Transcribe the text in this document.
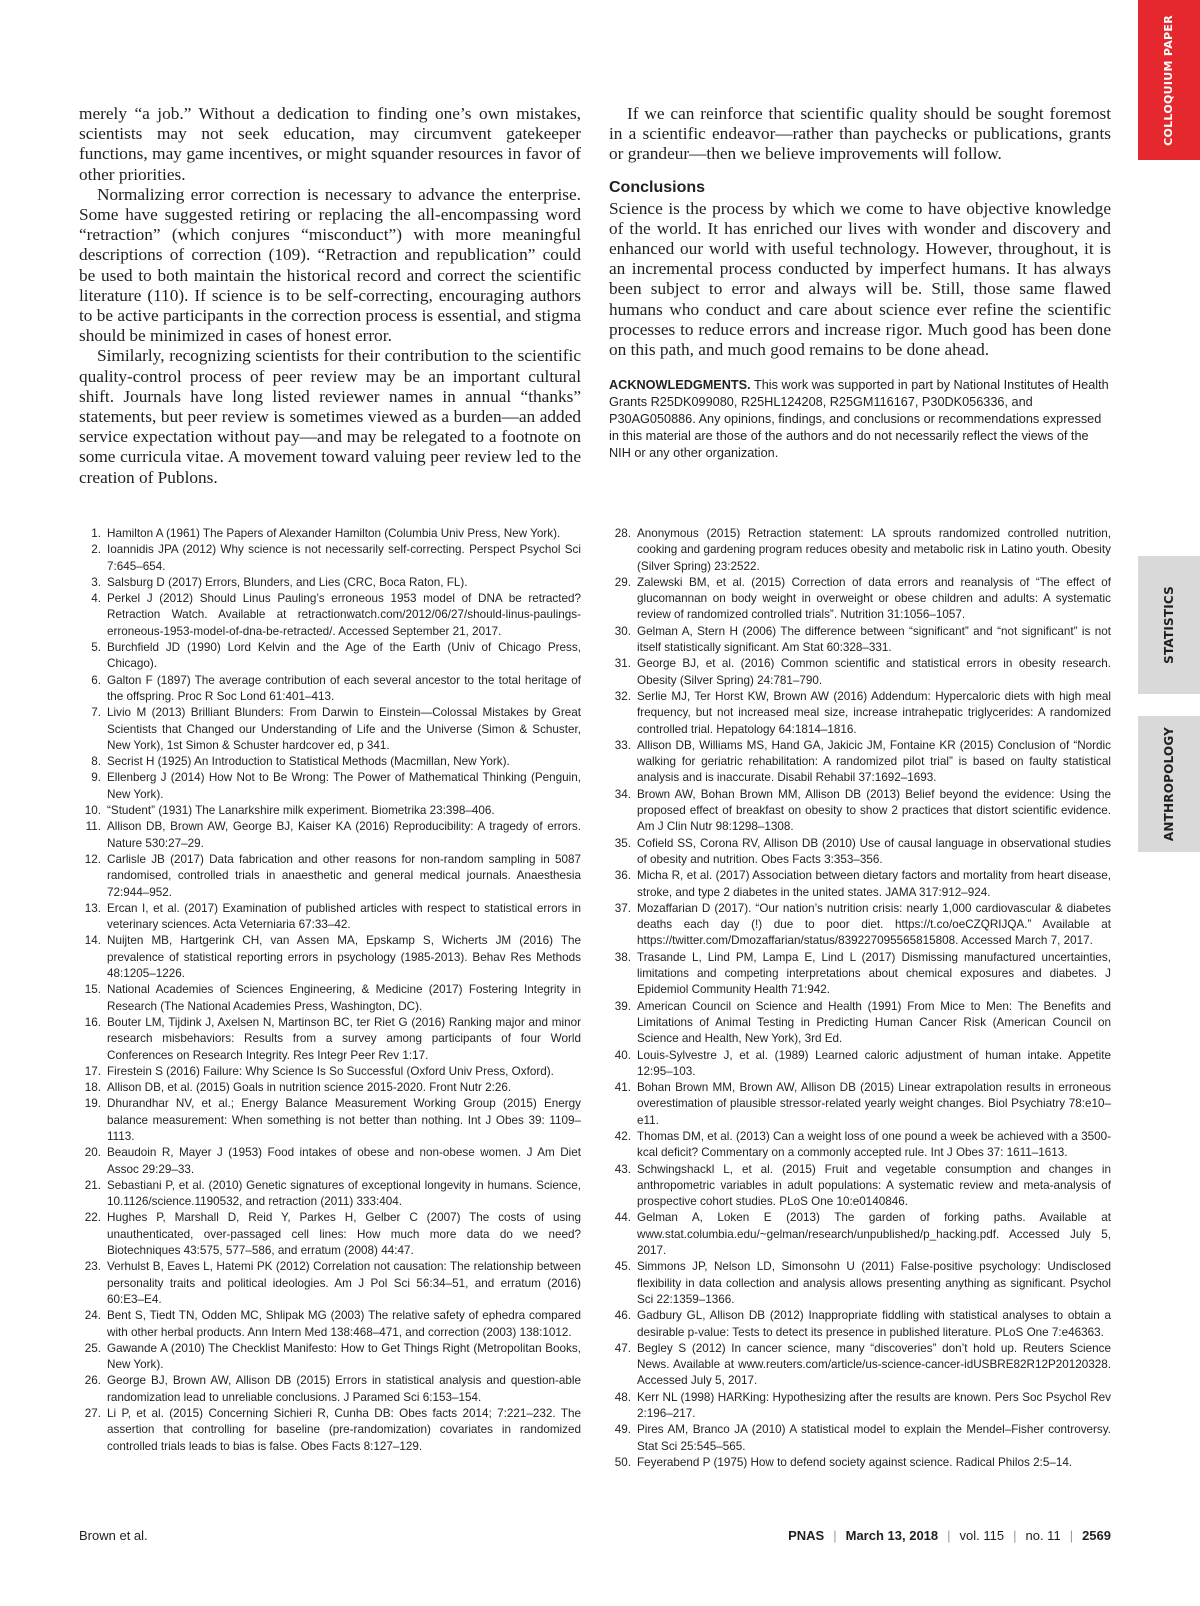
COLLOQUIUM PAPER
STATISTICS
ANTHROPOLOGY

merely “a job.” Without a dedication to finding one’s own mistakes, scientists may not seek education, may circumvent gatekeeper functions, may game incentives, or might squander resources in favor of other priorities.

Normalizing error correction is necessary to advance the enterprise. Some have suggested retiring or replacing the all-encompassing word “retraction” (which conjures “misconduct”) with more meaningful descriptions of correction (109). “Retraction and republication” could be used to both maintain the historical record and correct the scientific literature (110). If science is to be self-correcting, encouraging authors to be active participants in the correction process is essential, and stigma should be minimized in cases of honest error.

Similarly, recognizing scientists for their contribution to the scientific quality-control process of peer review may be an important cultural shift. Journals have long listed reviewer names in annual “thanks” statements, but peer review is sometimes viewed as a burden—an added service expectation without pay—and may be relegated to a footnote on some curricula vitae. A movement toward valuing peer review led to the creation of Publons.

If we can reinforce that scientific quality should be sought foremost in a scientific endeavor—rather than paychecks or publications, grants or grandeur—then we believe improvements will follow.

Conclusions

Science is the process by which we come to have objective knowledge of the world. It has enriched our lives with wonder and discovery and enhanced our world with useful technology. However, throughout, it is an incremental process conducted by imperfect humans. It has always been subject to error and always will be. Still, those same flawed humans who conduct and care about science ever refine the scientific processes to reduce errors and increase rigor. Much good has been done on this path, and much good remains to be done ahead.

ACKNOWLEDGMENTS. This work was supported in part by National Institutes of Health Grants R25DK099080, R25HL124208, R25GM116167, P30DK056336, and P30AG050886. Any opinions, findings, and conclusions or recommendations expressed in this material are those of the authors and do not necessarily reflect the views of the NIH or any other organization.

1. Hamilton A (1961) The Papers of Alexander Hamilton (Columbia Univ Press, New York).
2. Ioannidis JPA (2012) Why science is not necessarily self-correcting. Perspect Psychol Sci 7:645–654.
3. Salsburg D (2017) Errors, Blunders, and Lies (CRC, Boca Raton, FL).
4. Perkel J (2012) Should Linus Pauling’s erroneous 1953 model of DNA be retracted? Retraction Watch. Available at retractionwatch.com/2012/06/27/should-linus-paulings-erroneous-1953-model-of-dna-be-retracted/. Accessed September 21, 2017.
5. Burchfield JD (1990) Lord Kelvin and the Age of the Earth (Univ of Chicago Press, Chicago).
6. Galton F (1897) The average contribution of each several ancestor to the total heritage of the offspring. Proc R Soc Lond 61:401–413.
7. Livio M (2013) Brilliant Blunders: From Darwin to Einstein—Colossal Mistakes by Great Scientists that Changed our Understanding of Life and the Universe (Simon & Schuster, New York), 1st Simon & Schuster hardcover ed, p 341.
8. Secrist H (1925) An Introduction to Statistical Methods (Macmillan, New York).
9. Ellenberg J (2014) How Not to Be Wrong: The Power of Mathematical Thinking (Penguin, New York).
10. “Student” (1931) The Lanarkshire milk experiment. Biometrika 23:398–406.
11. Allison DB, Brown AW, George BJ, Kaiser KA (2016) Reproducibility: A tragedy of errors. Nature 530:27–29.
12. Carlisle JB (2017) Data fabrication and other reasons for non-random sampling in 5087 randomised, controlled trials in anaesthetic and general medical journals. Anaesthesia 72:944–952.
13. Ercan I, et al. (2017) Examination of published articles with respect to statistical errors in veterinary sciences. Acta Veterniaria 67:33–42.
14. Nuijten MB, Hartgerink CH, van Assen MA, Epskamp S, Wicherts JM (2016) The prevalence of statistical reporting errors in psychology (1985-2013). Behav Res Methods 48:1205–1226.
15. National Academies of Sciences Engineering, & Medicine (2017) Fostering Integrity in Research (The National Academies Press, Washington, DC).
16. Bouter LM, Tijdink J, Axelsen N, Martinson BC, ter Riet G (2016) Ranking major and minor research misbehaviors: Results from a survey among participants of four World Conferences on Research Integrity. Res Integr Peer Rev 1:17.
17. Firestein S (2016) Failure: Why Science Is So Successful (Oxford Univ Press, Oxford).
18. Allison DB, et al. (2015) Goals in nutrition science 2015-2020. Front Nutr 2:26.
19. Dhurandhar NV, et al.; Energy Balance Measurement Working Group (2015) Energy balance measurement: When something is not better than nothing. Int J Obes 39: 1109–1113.
20. Beaudoin R, Mayer J (1953) Food intakes of obese and non-obese women. J Am Diet Assoc 29:29–33.
21. Sebastiani P, et al. (2010) Genetic signatures of exceptional longevity in humans. Science, 10.1126/science.1190532, and retraction (2011) 333:404.
22. Hughes P, Marshall D, Reid Y, Parkes H, Gelber C (2007) The costs of using unauthenticated, over-passaged cell lines: How much more data do we need? Biotechniques 43:575, 577–586, and erratum (2008) 44:47.
23. Verhulst B, Eaves L, Hatemi PK (2012) Correlation not causation: The relationship between personality traits and political ideologies. Am J Pol Sci 56:34–51, and erratum (2016) 60:E3–E4.
24. Bent S, Tiedt TN, Odden MC, Shlipak MG (2003) The relative safety of ephedra compared with other herbal products. Ann Intern Med 138:468–471, and correction (2003) 138:1012.
25. Gawande A (2010) The Checklist Manifesto: How to Get Things Right (Metropolitan Books, New York).
26. George BJ, Brown AW, Allison DB (2015) Errors in statistical analysis and question-able randomization lead to unreliable conclusions. J Paramed Sci 6:153–154.
27. Li P, et al. (2015) Concerning Sichieri R, Cunha DB: Obes facts 2014; 7:221–232. The assertion that controlling for baseline (pre-randomization) covariates in randomized controlled trials leads to bias is false. Obes Facts 8:127–129.
28. Anonymous (2015) Retraction statement: LA sprouts randomized controlled nutrition, cooking and gardening program reduces obesity and metabolic risk in Latino youth. Obesity (Silver Spring) 23:2522.
29. Zalewski BM, et al. (2015) Correction of data errors and reanalysis of “The effect of glucomannan on body weight in overweight or obese children and adults: A systematic review of randomized controlled trials”. Nutrition 31:1056–1057.
30. Gelman A, Stern H (2006) The difference between “significant” and “not significant” is not itself statistically significant. Am Stat 60:328–331.
31. George BJ, et al. (2016) Common scientific and statistical errors in obesity research. Obesity (Silver Spring) 24:781–790.
32. Serlie MJ, Ter Horst KW, Brown AW (2016) Addendum: Hypercaloric diets with high meal frequency, but not increased meal size, increase intrahepatic triglycerides: A randomized controlled trial. Hepatology 64:1814–1816.
33. Allison DB, Williams MS, Hand GA, Jakicic JM, Fontaine KR (2015) Conclusion of “Nordic walking for geriatric rehabilitation: A randomized pilot trial” is based on faulty statistical analysis and is inaccurate. Disabil Rehabil 37:1692–1693.
34. Brown AW, Bohan Brown MM, Allison DB (2013) Belief beyond the evidence: Using the proposed effect of breakfast on obesity to show 2 practices that distort scientific evidence. Am J Clin Nutr 98:1298–1308.
35. Cofield SS, Corona RV, Allison DB (2010) Use of causal language in observational studies of obesity and nutrition. Obes Facts 3:353–356.
36. Micha R, et al. (2017) Association between dietary factors and mortality from heart disease, stroke, and type 2 diabetes in the united states. JAMA 317:912–924.
37. Mozaffarian D (2017). “Our nation’s nutrition crisis: nearly 1,000 cardiovascular & diabetes deaths each day (!) due to poor diet. https://t.co/oeCZQRIJQA.” Available at https://twitter.com/Dmozaffarian/status/839227095565815808. Accessed March 7, 2017.
38. Trasande L, Lind PM, Lampa E, Lind L (2017) Dismissing manufactured uncertainties, limitations and competing interpretations about chemical exposures and diabetes. J Epidemiol Community Health 71:942.
39. American Council on Science and Health (1991) From Mice to Men: The Benefits and Limitations of Animal Testing in Predicting Human Cancer Risk (American Council on Science and Health, New York), 3rd Ed.
40. Louis-Sylvestre J, et al. (1989) Learned caloric adjustment of human intake. Appetite 12:95–103.
41. Bohan Brown MM, Brown AW, Allison DB (2015) Linear extrapolation results in erroneous overestimation of plausible stressor-related yearly weight changes. Biol Psychiatry 78:e10–e11.
42. Thomas DM, et al. (2013) Can a weight loss of one pound a week be achieved with a 3500-kcal deficit? Commentary on a commonly accepted rule. Int J Obes 37: 1611–1613.
43. Schwingshackl L, et al. (2015) Fruit and vegetable consumption and changes in anthropometric variables in adult populations: A systematic review and meta-analysis of prospective cohort studies. PLoS One 10:e0140846.
44. Gelman A, Loken E (2013) The garden of forking paths. Available at www.stat.columbia.edu/~gelman/research/unpublished/p_hacking.pdf. Accessed July 5, 2017.
45. Simmons JP, Nelson LD, Simonsohn U (2011) False-positive psychology: Undisclosed flexibility in data collection and analysis allows presenting anything as significant. Psychol Sci 22:1359–1366.
46. Gadbury GL, Allison DB (2012) Inappropriate fiddling with statistical analyses to obtain a desirable p-value: Tests to detect its presence in published literature. PLoS One 7:e46363.
47. Begley S (2012) In cancer science, many “discoveries” don’t hold up. Reuters Science News. Available at www.reuters.com/article/us-science-cancer-idUSBRE82R12P20120328. Accessed July 5, 2017.
48. Kerr NL (1998) HARKing: Hypothesizing after the results are known. Pers Soc Psychol Rev 2:196–217.
49. Pires AM, Branco JA (2010) A statistical model to explain the Mendel–Fisher controversy. Stat Sci 25:545–565.
50. Feyerabend P (1975) How to defend society against science. Radical Philos 2:5–14.
Brown et al.	PNAS | March 13, 2018 | vol. 115 | no. 11 | 2569
